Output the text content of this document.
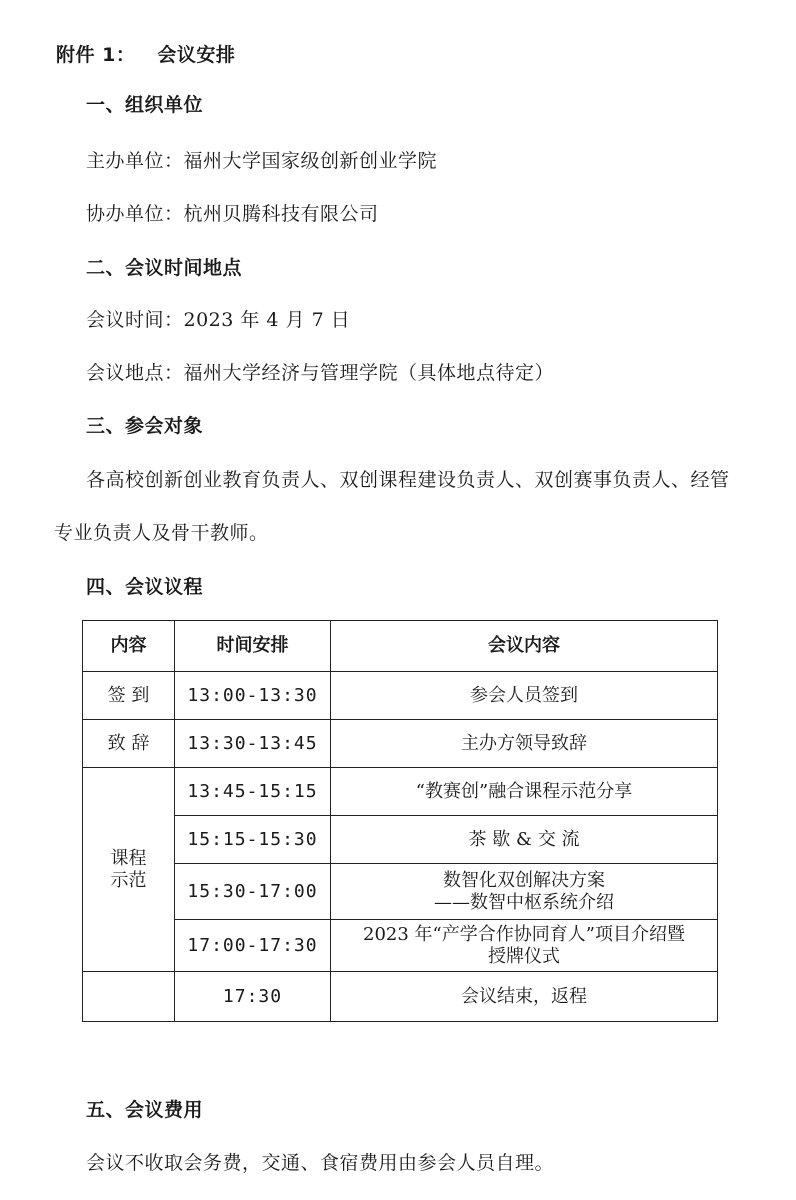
附件 1： 会议安排
一、组织单位
主办单位：福州大学国家级创新创业学院
协办单位：杭州贝腾科技有限公司
二、会议时间地点
会议时间：2023 年 4 月 7 日
会议地点：福州大学经济与管理学院（具体地点待定）
三、参会对象
各高校创新创业教育负责人、双创课程建设负责人、双创赛事负责人、经管
专业负责人及骨干教师。
四、会议议程
内容	时间安排	会议内容
签 到	13:00-13:30	参会人员签到
致 辞	13:30-13:45	主办方领导致辞

课程
示范	13:45-15:15	“教赛创”融合课程示范分享
	15:15-15:30	茶 歇 & 交 流
	15:30-17:00	数智化双创解决方案
——数智中枢系统介绍

	17:00-17:30	2023 年“产学合作协同育人”项目介绍暨
授牌仪式

	17:30	会议结束，返程
五、会议费用
会议不收取会务费，交通、食宿费用由参会人员自理。
